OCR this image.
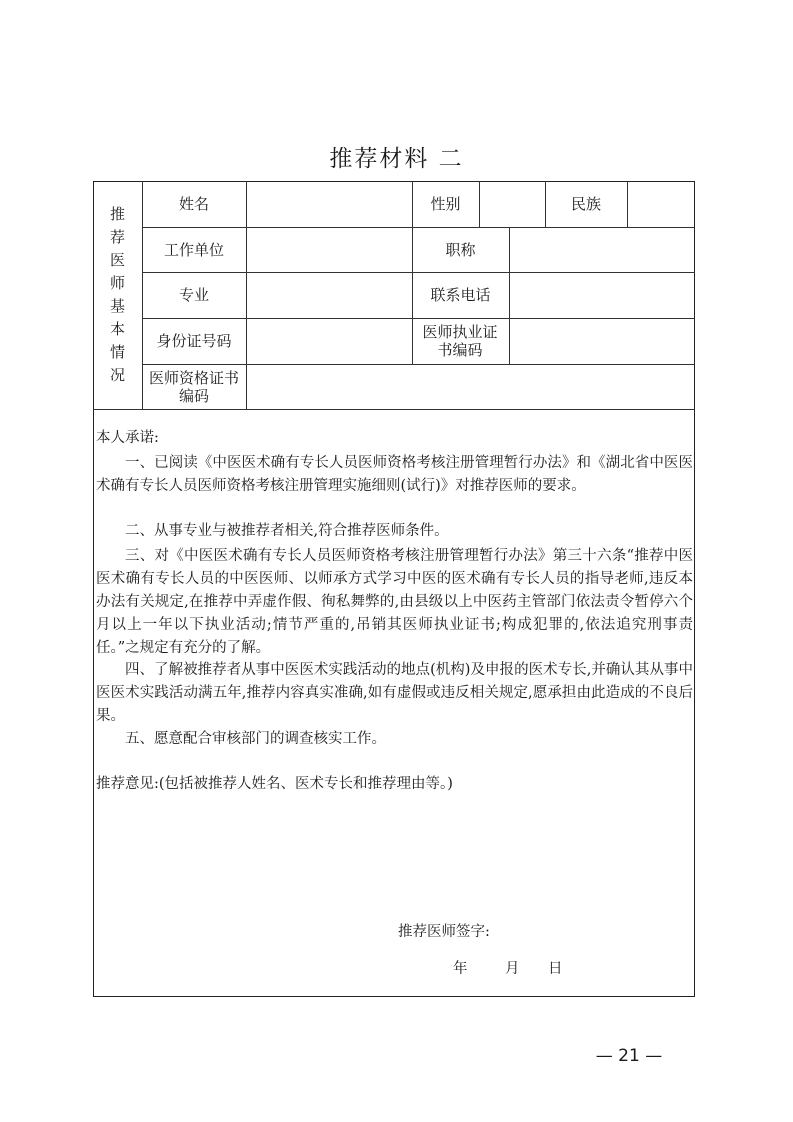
推荐材料 二
推
荐
医
师
基
本
情
况
姓名	性别	民族
工作单位	职称
专业	联系电话
身份证号码	医师执业证书编码
医师资格证书编码
本人承诺:
一、已阅读《中医医术确有专长人员医师资格考核注册管理暂行办法》和《湖北省中医医术确有专长人员医师资格考核注册管理实施细则(试行)》对推荐医师的要求。
二、从事专业与被推荐者相关,符合推荐医师条件。
三、对《中医医术确有专长人员医师资格考核注册管理暂行办法》第三十六条“推荐中医医术确有专长人员的中医医师、以师承方式学习中医的医术确有专长人员的指导老师,违反本办法有关规定,在推荐中弄虚作假、徇私舞弊的,由县级以上中医药主管部门依法责令暂停六个月以上一年以下执业活动;情节严重的,吊销其医师执业证书;构成犯罪的,依法追究刑事责任。”之规定有充分的了解。
四、了解被推荐者从事中医医术实践活动的地点(机构)及申报的医术专长,并确认其从事中医医术实践活动满五年,推荐内容真实准确,如有虚假或违反相关规定,愿承担由此造成的不良后果。
五、愿意配合审核部门的调查核实工作。
推荐意见:(包括被推荐人姓名、医术专长和推荐理由等。)
推荐医师签字:
年	月 日
— 21 —
